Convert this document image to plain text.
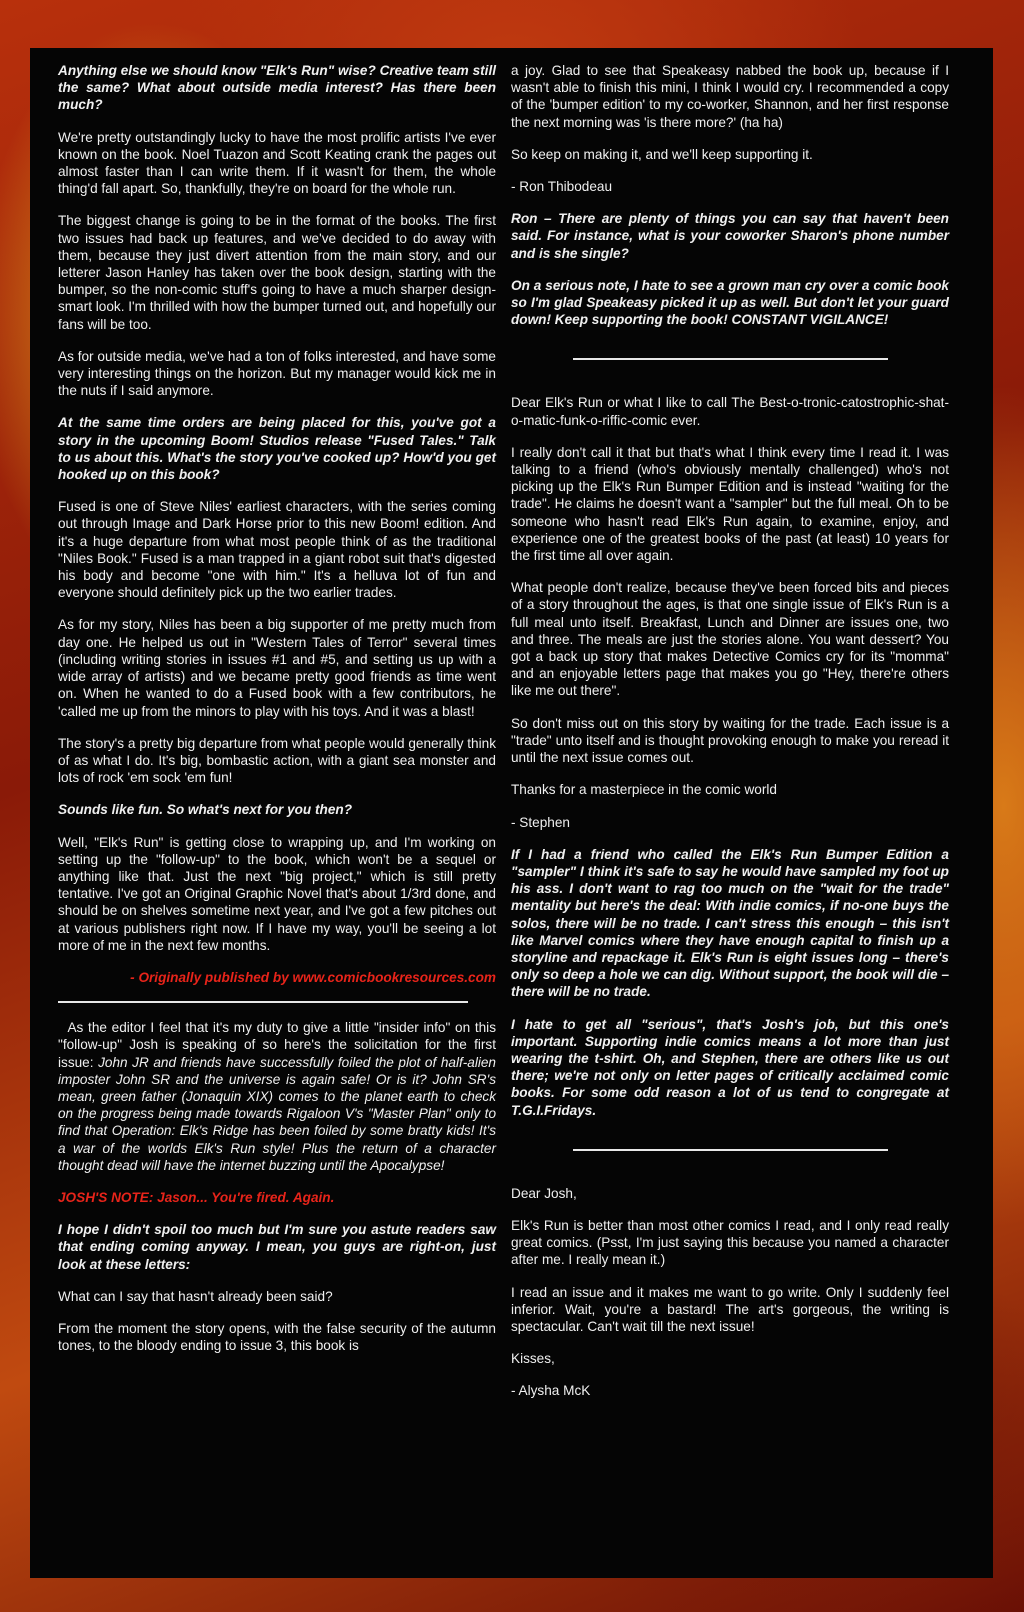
Anything else we should know "Elk's Run" wise? Creative team still the same? What about outside media interest? Has there been much?

We're pretty outstandingly lucky to have the most prolific artists I've ever known on the book. Noel Tuazon and Scott Keating crank the pages out almost faster than I can write them. If it wasn't for them, the whole thing'd fall apart. So, thankfully, they're on board for the whole run.

The biggest change is going to be in the format of the books. The first two issues had back up features, and we've decided to do away with them, because they just divert attention from the main story, and our letterer Jason Hanley has taken over the book design, starting with the bumper, so the non-comic stuff's going to have a much sharper design-smart look. I'm thrilled with how the bumper turned out, and hopefully our fans will be too.

As for outside media, we've had a ton of folks interested, and have some very interesting things on the horizon. But my manager would kick me in the nuts if I said anymore.

At the same time orders are being placed for this, you've got a story in the upcoming Boom! Studios release "Fused Tales." Talk to us about this. What's the story you've cooked up? How'd you get hooked up on this book?

Fused is one of Steve Niles' earliest characters, with the series coming out through Image and Dark Horse prior to this new Boom! edition. And it's a huge departure from what most people think of as the traditional "Niles Book." Fused is a man trapped in a giant robot suit that's digested his body and become "one with him." It's a helluva lot of fun and everyone should definitely pick up the two earlier trades.

As for my story, Niles has been a big supporter of me pretty much from day one. He helped us out in "Western Tales of Terror" several times (including writing stories in issues #1 and #5, and setting us up with a wide array of artists) and we became pretty good friends as time went on. When he wanted to do a Fused book with a few contributors, he 'called me up from the minors to play with his toys. And it was a blast!

The story's a pretty big departure from what people would generally think of as what I do. It's big, bombastic action, with a giant sea monster and lots of rock 'em sock 'em fun!

Sounds like fun. So what's next for you then?

Well, "Elk's Run" is getting close to wrapping up, and I'm working on setting up the "follow-up" to the book, which won't be a sequel or anything like that. Just the next "big project," which is still pretty tentative. I've got an Original Graphic Novel that's about 1/3rd done, and should be on shelves sometime next year, and I've got a few pitches out at various publishers right now. If I have my way, you'll be seeing a lot more of me in the next few months.

- Originally published by www.comicbookresources.com

As the editor I feel that it's my duty to give a little "insider info" on this "follow-up" Josh is speaking of so here's the solicitation for the first issue: John JR and friends have successfully foiled the plot of half-alien imposter John SR and the universe is again safe! Or is it? John SR's mean, green father (Jonaquin XIX) comes to the planet earth to check on the progress being made towards Rigaloon V's "Master Plan" only to find that Operation: Elk's Ridge has been foiled by some bratty kids! It's a war of the worlds Elk's Run style! Plus the return of a character thought dead will have the internet buzzing until the Apocalypse!

JOSH'S NOTE: Jason... You're fired. Again.

I hope I didn't spoil too much but I'm sure you astute readers saw that ending coming anyway. I mean, you guys are right-on, just look at these letters:

What can I say that hasn't already been said?

From the moment the story opens, with the false security of the autumn tones, to the bloody ending to issue 3, this book is

a joy. Glad to see that Speakeasy nabbed the book up, because if I wasn't able to finish this mini, I think I would cry. I recommended a copy of the 'bumper edition' to my co-worker, Shannon, and her first response the next morning was 'is there more?' (ha ha)

So keep on making it, and we'll keep supporting it.

- Ron Thibodeau

Ron – There are plenty of things you can say that haven't been said. For instance, what is your coworker Sharon's phone number and is she single?

On a serious note, I hate to see a grown man cry over a comic book so I'm glad Speakeasy picked it up as well. But don't let your guard down! Keep supporting the book! CONSTANT VIGILANCE!

Dear Elk's Run or what I like to call The Best-o-tronic-catostrophic-shat-o-matic-funk-o-riffic-comic ever.

I really don't call it that but that's what I think every time I read it. I was talking to a friend (who's obviously mentally challenged) who's not picking up the Elk's Run Bumper Edition and is instead "waiting for the trade". He claims he doesn't want a "sampler" but the full meal. Oh to be someone who hasn't read Elk's Run again, to examine, enjoy, and experience one of the greatest books of the past (at least) 10 years for the first time all over again.

What people don't realize, because they've been forced bits and pieces of a story throughout the ages, is that one single issue of Elk's Run is a full meal unto itself. Breakfast, Lunch and Dinner are issues one, two and three. The meals are just the stories alone. You want dessert? You got a back up story that makes Detective Comics cry for its "momma" and an enjoyable letters page that makes you go "Hey, there're others like me out there".

So don't miss out on this story by waiting for the trade. Each issue is a "trade" unto itself and is thought provoking enough to make you reread it until the next issue comes out.

Thanks for a masterpiece in the comic world

- Stephen

If I had a friend who called the Elk's Run Bumper Edition a "sampler" I think it's safe to say he would have sampled my foot up his ass. I don't want to rag too much on the "wait for the trade" mentality but here's the deal: With indie comics, if no-one buys the solos, there will be no trade. I can't stress this enough – this isn't like Marvel comics where they have enough capital to finish up a storyline and repackage it. Elk's Run is eight issues long – there's only so deep a hole we can dig. Without support, the book will die – there will be no trade.

I hate to get all "serious", that's Josh's job, but this one's important. Supporting indie comics means a lot more than just wearing the t-shirt. Oh, and Stephen, there are others like us out there; we're not only on letter pages of critically acclaimed comic books. For some odd reason a lot of us tend to congregate at T.G.I.Fridays.

Dear Josh,

Elk's Run is better than most other comics I read, and I only read really great comics. (Psst, I'm just saying this because you named a character after me. I really mean it.)

I read an issue and it makes me want to go write. Only I suddenly feel inferior. Wait, you're a bastard! The art's gorgeous, the writing is spectacular. Can't wait till the next issue!

Kisses,

- Alysha McK
